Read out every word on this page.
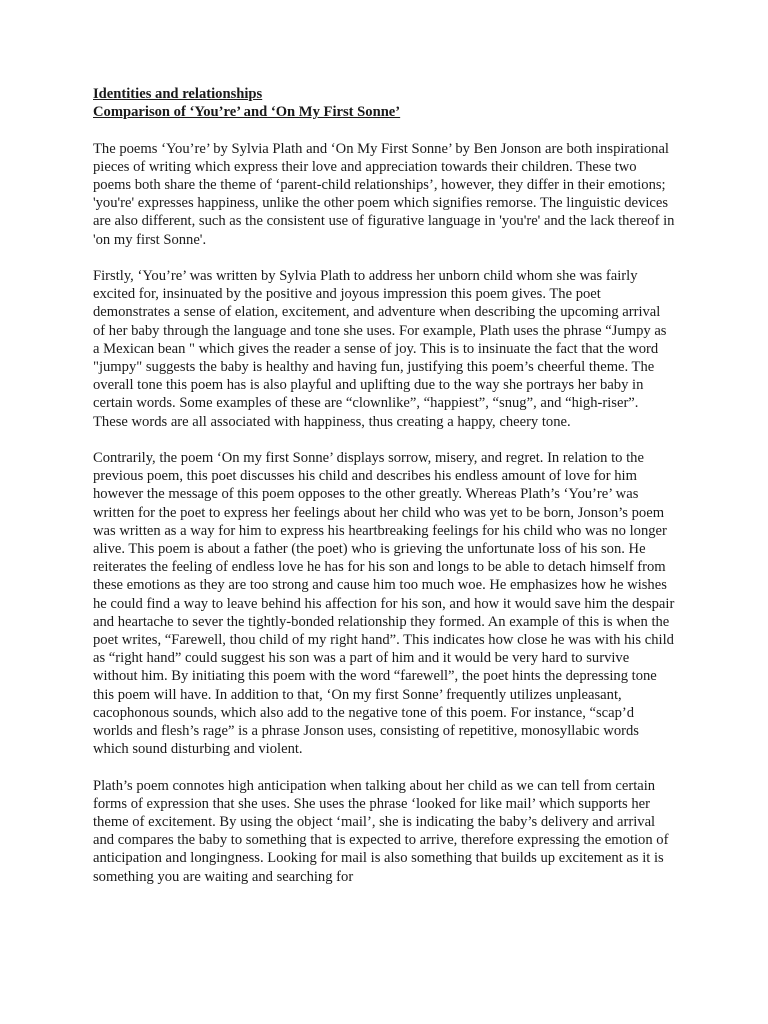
Identities and relationships

Comparison of ‘You’re’ and ‘On My First Sonne’

The poems ‘You’re’ by Sylvia Plath and ‘On My First Sonne’ by Ben Jonson are both inspirational pieces of writing which express their love and appreciation towards their children. These two poems both share the theme of ‘parent-child relationships’, however, they differ in their emotions; 'you're' expresses happiness, unlike the other poem which signifies remorse. The linguistic devices are also different, such as the consistent use of figurative language in 'you're' and the lack thereof in 'on my first Sonne'.

Firstly, ‘You’re’ was written by Sylvia Plath to address her unborn child whom she was fairly excited for, insinuated by the positive and joyous impression this poem gives. The poet demonstrates a sense of elation, excitement, and adventure when describing the upcoming arrival of her baby through the language and tone she uses. For example, Plath uses the phrase “Jumpy as a Mexican bean " which gives the reader a sense of joy. This is to insinuate the fact that the word "jumpy" suggests the baby is healthy and having fun, justifying this poem’s cheerful theme. The overall tone this poem has is also playful and uplifting due to the way she portrays her baby in certain words. Some examples of these are “clownlike”, “happiest”, “snug”, and “high-riser”. These words are all associated with happiness, thus creating a happy, cheery tone.

Contrarily, the poem ‘On my first Sonne’ displays sorrow, misery, and regret. In relation to the previous poem, this poet discusses his child and describes his endless amount of love for him however the message of this poem opposes to the other greatly. Whereas Plath’s ‘You’re’ was written for the poet to express her feelings about her child who was yet to be born, Jonson’s poem was written as a way for him to express his heartbreaking feelings for his child who was no longer alive. This poem is about a father (the poet) who is grieving the unfortunate loss of his son. He reiterates the feeling of endless love he has for his son and longs to be able to detach himself from these emotions as they are too strong and cause him too much woe. He emphasizes how he wishes he could find a way to leave behind his affection for his son, and how it would save him the despair and heartache to sever the tightly-bonded relationship they formed. An example of this is when the poet writes, “Farewell, thou child of my right hand”. This indicates how close he was with his child as “right hand” could suggest his son was a part of him and it would be very hard to survive without him. By initiating this poem with the word “farewell”, the poet hints the depressing tone this poem will have. In addition to that, ‘On my first Sonne’ frequently utilizes unpleasant, cacophonous sounds, which also add to the negative tone of this poem. For instance, “scap’d worlds and flesh’s rage” is a phrase Jonson uses, consisting of repetitive, monosyllabic words which sound disturbing and violent.

Plath’s poem connotes high anticipation when talking about her child as we can tell from certain forms of expression that she uses. She uses the phrase ‘looked for like mail’ which supports her theme of excitement. By using the object ‘mail’, she is indicating the baby’s delivery and arrival and compares the baby to something that is expected to arrive, therefore expressing the emotion of anticipation and longingness. Looking for mail is also something that builds up excitement as it is something you are waiting and searching for
